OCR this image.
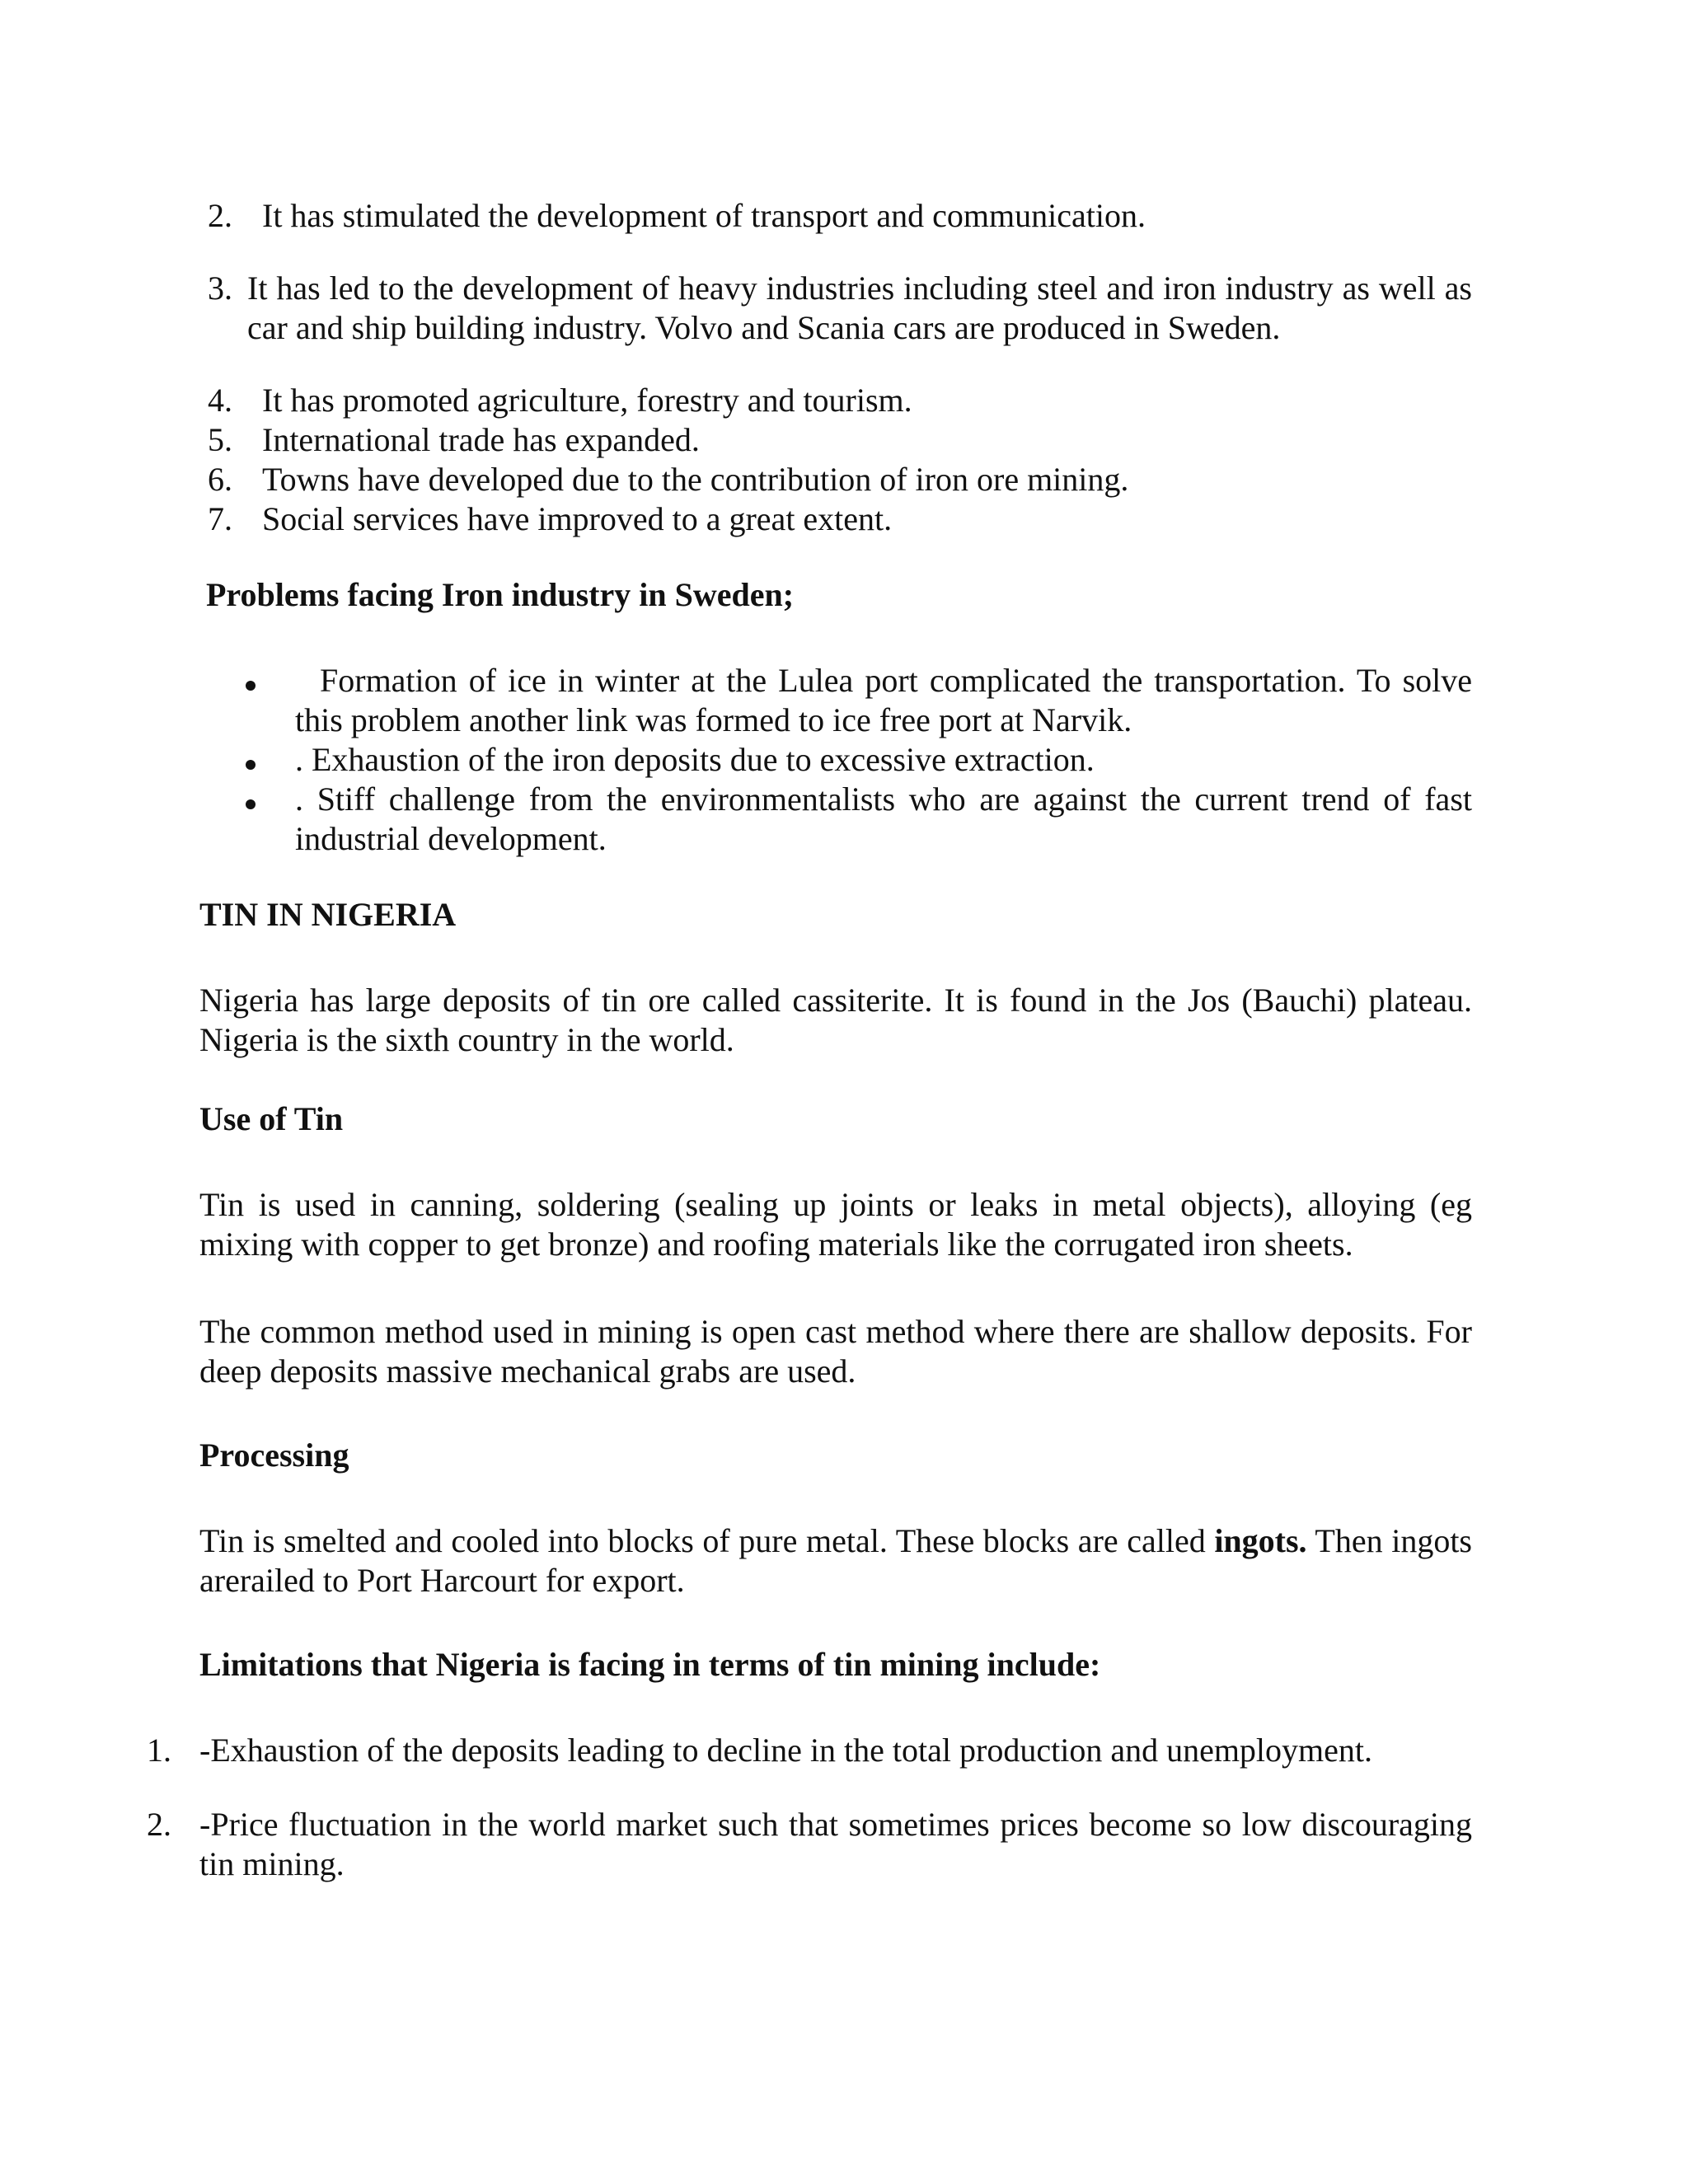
2. It has stimulated the development of transport and communication.

3. It has led to the development of heavy industries including steel and iron industry as well as car and ship building industry. Volvo and Scania cars are produced in Sweden.

4. It has promoted agriculture, forestry and tourism.

5. International trade has expanded.

6. Towns have developed due to the contribution of iron ore mining.

7. Social services have improved to a great extent.

Problems facing Iron industry in Sweden;

Formation of ice in winter at the Lulea port complicated the transportation. To solve this problem another link was formed to ice free port at Narvik.

. Exhaustion of the iron deposits due to excessive extraction.

. Stiff challenge from the environmentalists who are against the current trend of fast industrial development.

TIN IN NIGERIA

Nigeria has large deposits of tin ore called cassiterite. It is found in the Jos (Bauchi) plateau. Nigeria is the sixth country in the world.

Use of Tin

Tin is used in canning, soldering (sealing up joints or leaks in metal objects), alloying (eg mixing with copper to get bronze) and roofing materials like the corrugated iron sheets.

The common method used in mining is open cast method where there are shallow deposits. For deep deposits massive mechanical grabs are used.

Processing

Tin is smelted and cooled into blocks of pure metal. These blocks are called ingots. Then ingots arerailed to Port Harcourt for export.

Limitations that Nigeria is facing in terms of tin mining include:
1. -Exhaustion of the deposits leading to decline in the total production and unemployment.

2. -Price fluctuation in the world market such that sometimes prices become so low discouraging tin mining.
